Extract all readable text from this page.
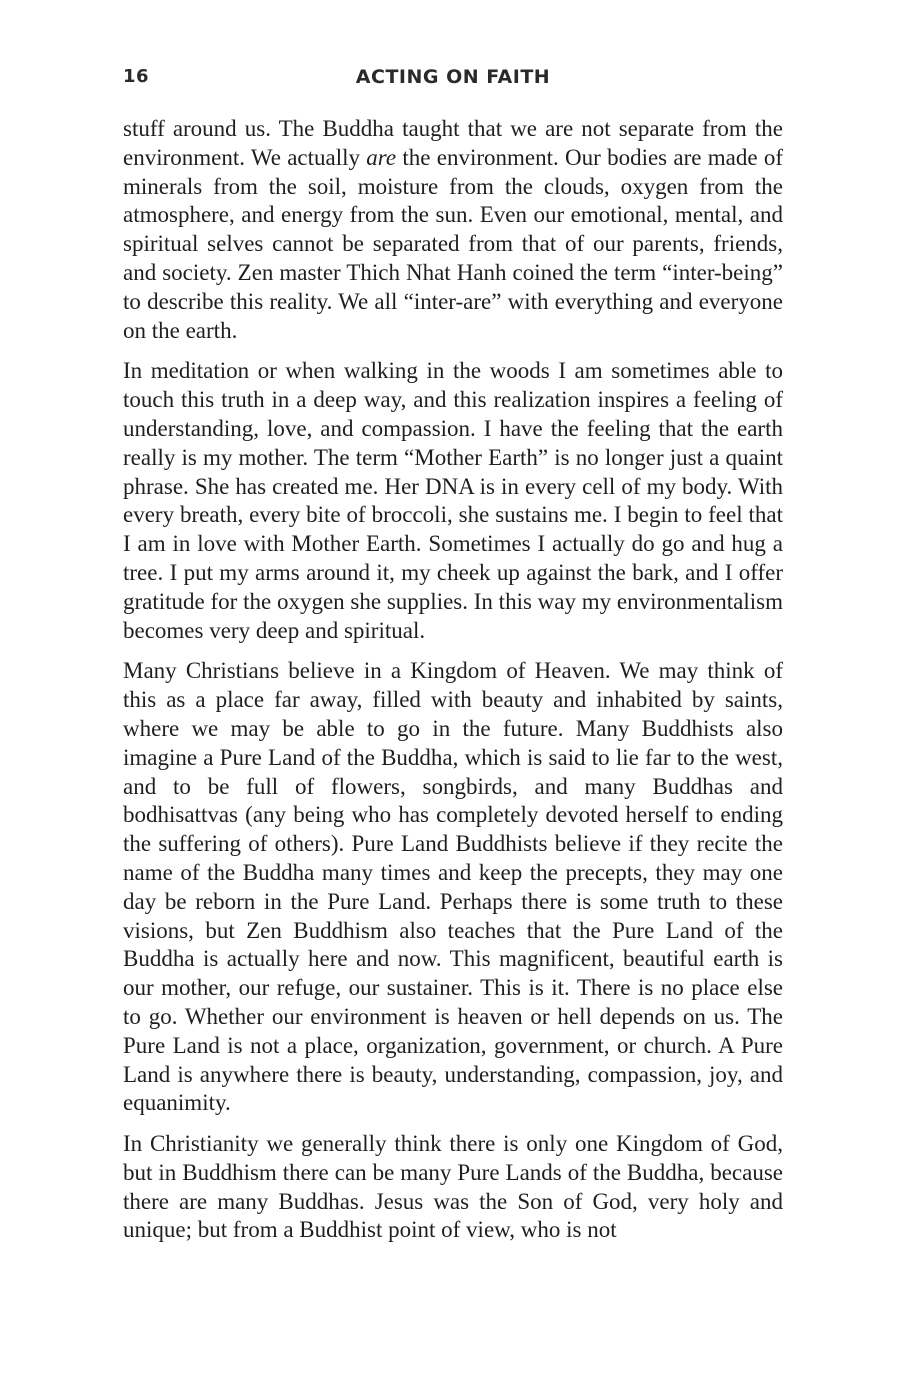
16	ACTING ON FAITH

stuff around us. The Buddha taught that we are not separate from the environment. We actually are the environment. Our bodies are made of minerals from the soil, moisture from the clouds, oxygen from the atmosphere, and energy from the sun. Even our emotional, mental, and spiritual selves cannot be separated from that of our parents, friends, and society. Zen master Thich Nhat Hanh coined the term “inter-being” to describe this reality. We all “inter-are” with everything and everyone on the earth.

In meditation or when walking in the woods I am sometimes able to touch this truth in a deep way, and this realization inspires a feeling of understanding, love, and compassion. I have the feeling that the earth really is my mother. The term “Mother Earth” is no longer just a quaint phrase. She has created me. Her DNA is in every cell of my body. With every breath, every bite of broccoli, she sustains me. I begin to feel that I am in love with Mother Earth. Sometimes I actually do go and hug a tree. I put my arms around it, my cheek up against the bark, and I offer gratitude for the oxygen she supplies. In this way my environmentalism becomes very deep and spiritual.

Many Christians believe in a Kingdom of Heaven. We may think of this as a place far away, filled with beauty and inhabited by saints, where we may be able to go in the future. Many Buddhists also imagine a Pure Land of the Buddha, which is said to lie far to the west, and to be full of flowers, songbirds, and many Buddhas and bodhisattvas (any being who has completely devoted herself to ending the suffering of others). Pure Land Buddhists believe if they recite the name of the Buddha many times and keep the precepts, they may one day be reborn in the Pure Land. Perhaps there is some truth to these visions, but Zen Buddhism also teaches that the Pure Land of the Buddha is actually here and now. This magnificent, beautiful earth is our mother, our refuge, our sustainer. This is it. There is no place else to go. Whether our environment is heaven or hell depends on us. The Pure Land is not a place, organization, government, or church. A Pure Land is anywhere there is beauty, understanding, compassion, joy, and equanimity.

In Christianity we generally think there is only one Kingdom of God, but in Buddhism there can be many Pure Lands of the Buddha, because there are many Buddhas. Jesus was the Son of God, very holy and unique; but from a Buddhist point of view, who is not
